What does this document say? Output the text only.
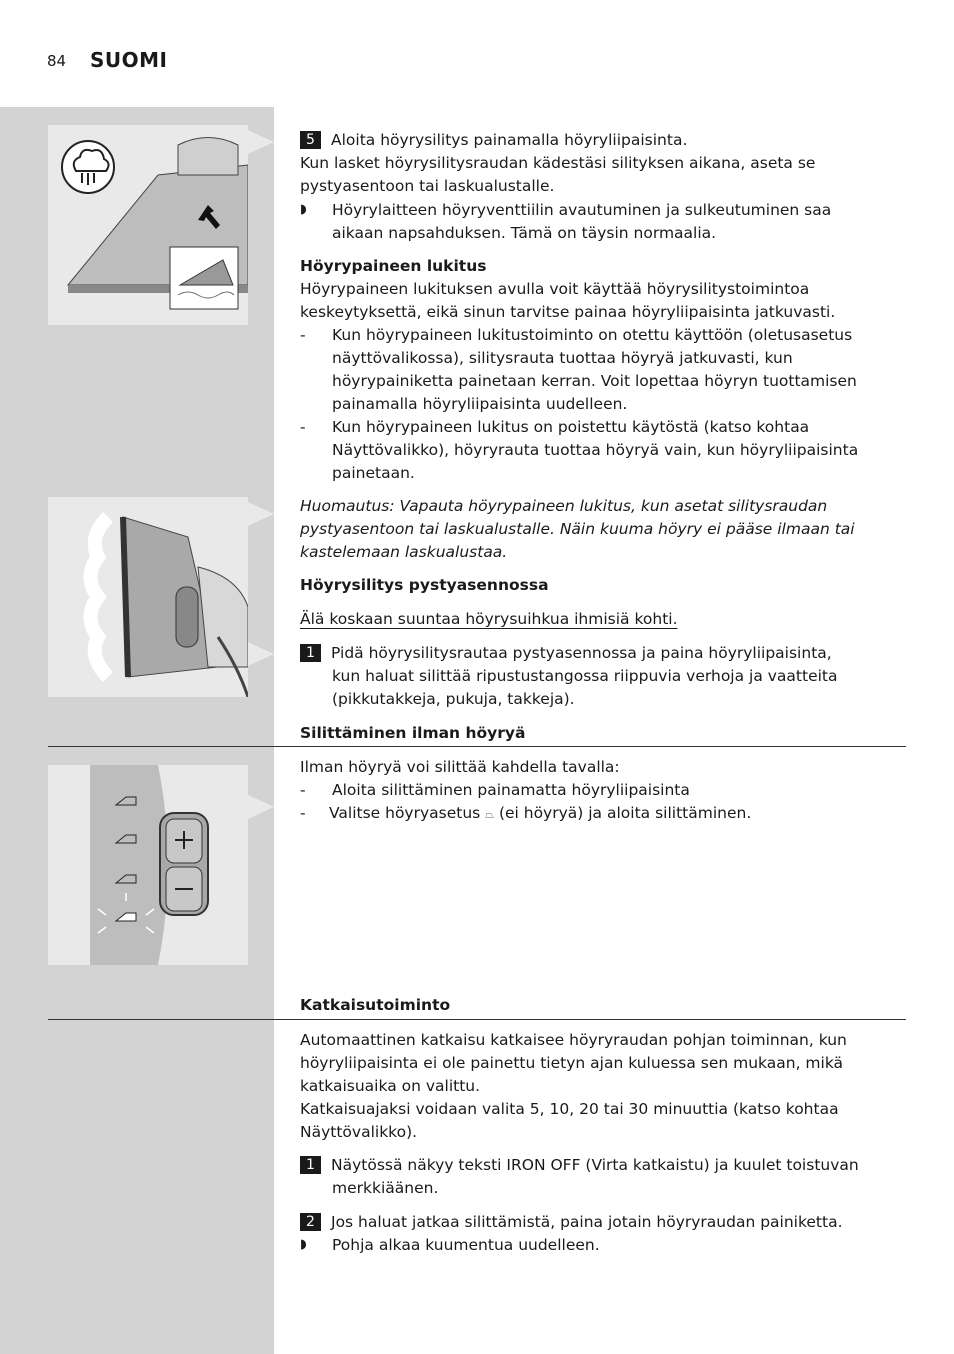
84 SUOMI
5 Aloita höyrysilitys painamalla höyryliipaisinta.
Kun lasket höyrysilitysraudan kädestäsi silityksen aikana, aseta se
pystyasentoon tai laskualustalle.
◗ Höyrylaitteen höyryventtiilin avautuminen ja sulkeutuminen saa
aikaan napsahduksen. Tämä on täysin normaalia.
Höyrypaineen lukitus
Höyrypaineen lukituksen avulla voit käyttää höyrysilitystoimintoa
keskeytyksettä, eikä sinun tarvitse painaa höyryliipaisinta jatkuvasti.
- Kun höyrypaineen lukitustoiminto on otettu käyttöön (oletusasetus
näyttövalikossa), silitysrauta tuottaa höyryä jatkuvasti, kun
höyrypainiketta painetaan kerran. Voit lopettaa höyryn tuottamisen
painamalla höyryliipaisinta uudelleen.
- Kun höyrypaineen lukitus on poistettu käytöstä (katso kohtaa
Näyttövalikko), höyryrauta tuottaa höyryä vain, kun höyryliipaisinta
painetaan.
Huomautus: Vapauta höyrypaineen lukitus, kun asetat silitysraudan
pystyasentoon tai laskualustalle. Näin kuuma höyry ei pääse ilmaan tai
kastelemaan laskualustaa.
Höyrysilitys pystyasennossa
Älä koskaan suuntaa höyrysuihkua ihmisiä kohti.
1 Pidä höyrysilitysrautaa pystyasennossa ja paina höyryliipaisinta,
kun haluat silittää ripustustangossa riippuvia verhoja ja vaatteita
(pikkutakkeja, pukuja, takkeja).
Silittäminen ilman höyryä
Ilman höyryä voi silittää kahdella tavalla:
- Aloita silittäminen painamatta höyryliipaisinta
- Valitse höyryasetus ⏢ (ei höyryä) ja aloita silittäminen.
Katkaisutoiminto
Automaattinen katkaisu katkaisee höyryraudan pohjan toiminnan, kun
höyryliipaisinta ei ole painettu tietyn ajan kuluessa sen mukaan, mikä
katkaisuaika on valittu.
Katkaisuajaksi voidaan valita 5, 10, 20 tai 30 minuuttia (katso kohtaa
Näyttövalikko).
1 Näytössä näkyy teksti IRON OFF (Virta katkaistu) ja kuulet toistuvan
merkkiäänen.
2 Jos haluat jatkaa silittämistä, paina jotain höyryraudan painiketta.
◗ Pohja alkaa kuumentua uudelleen.
